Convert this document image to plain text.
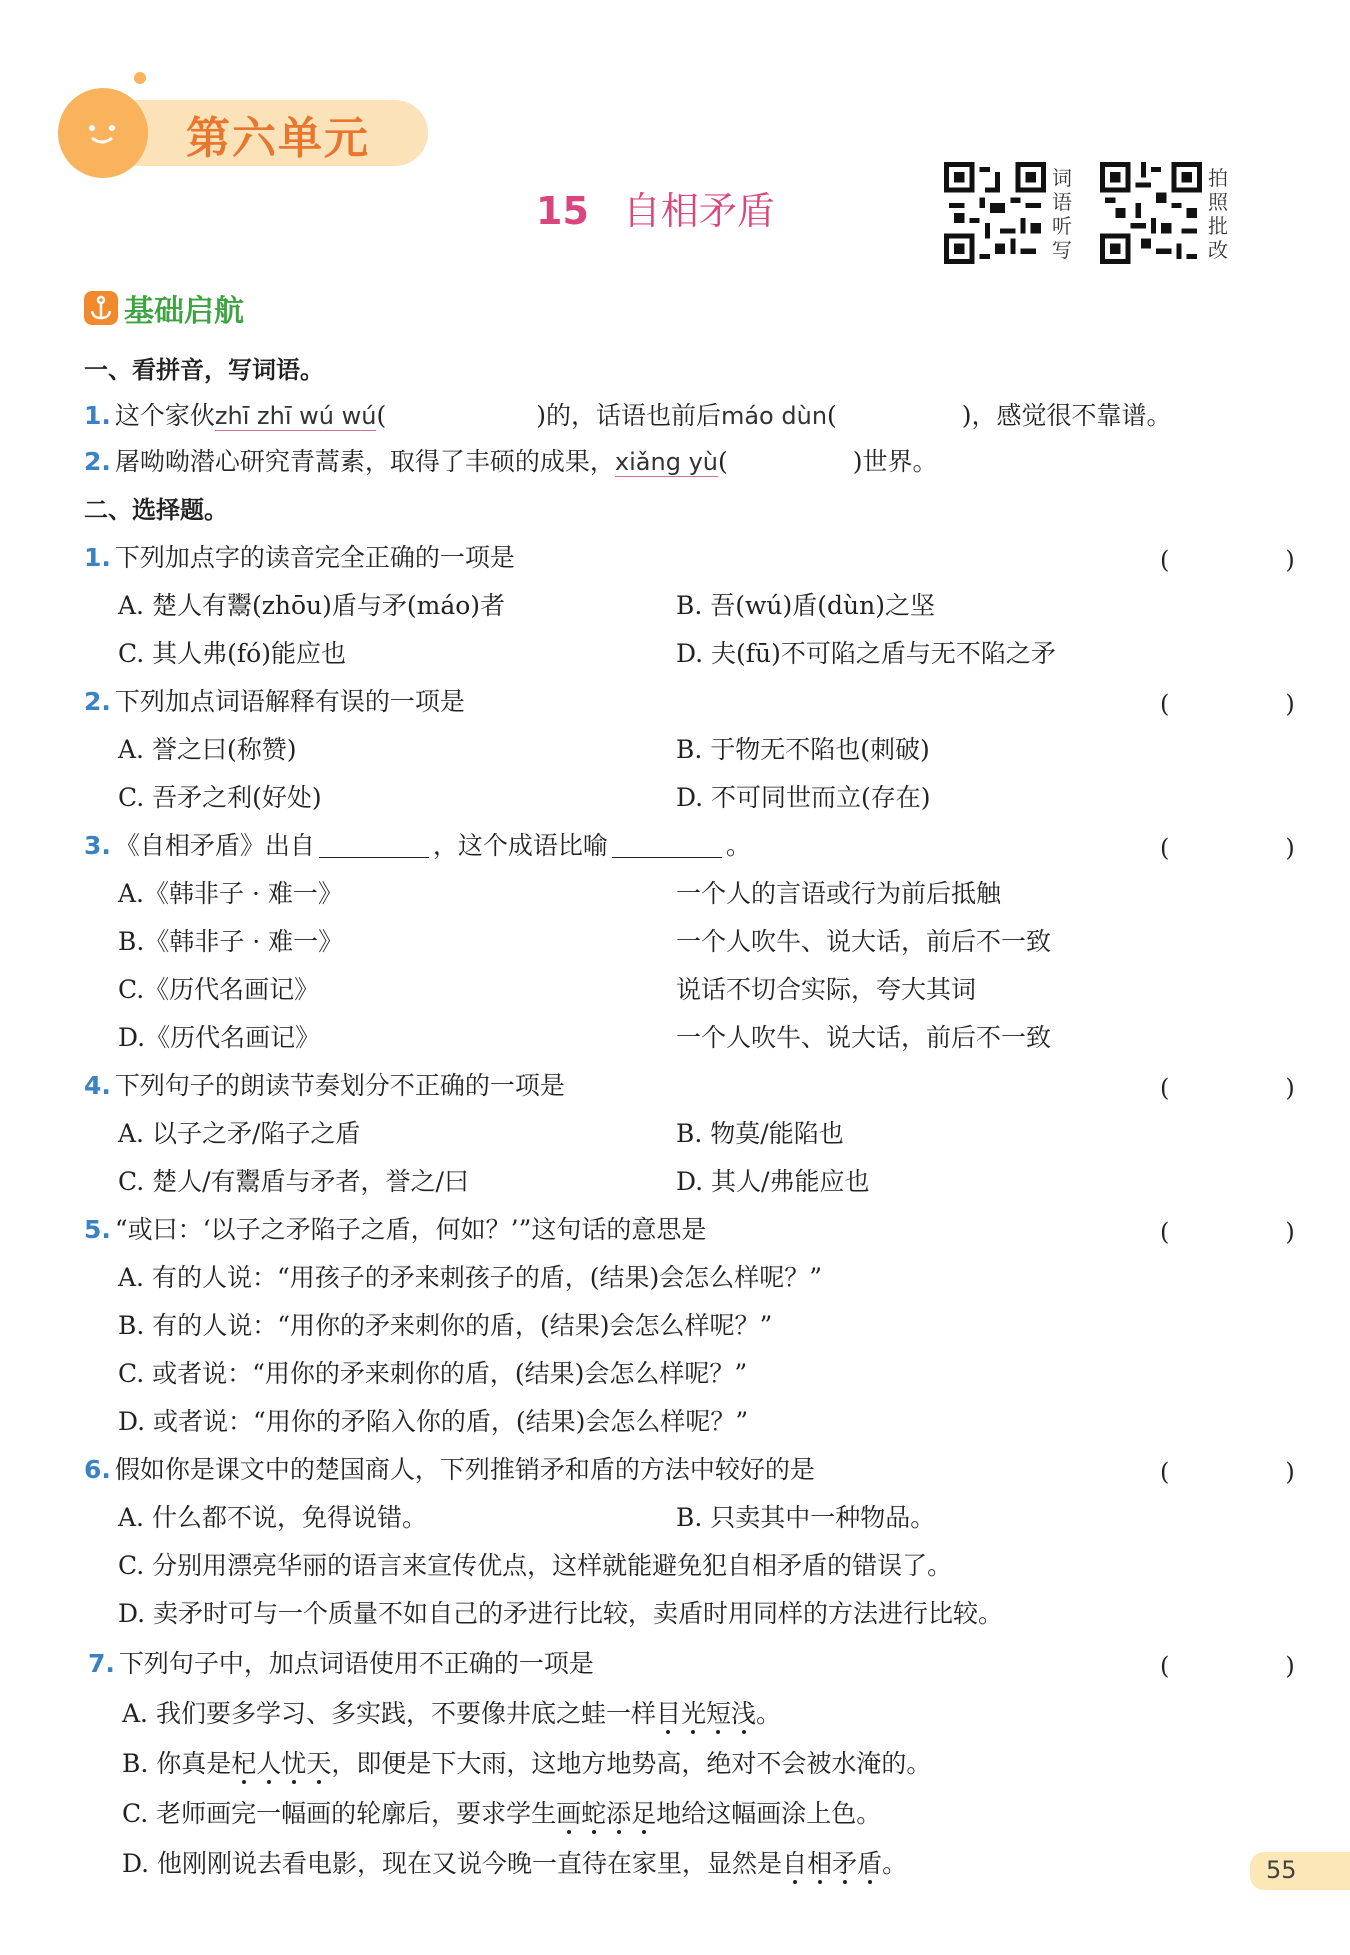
第六单元
15 自相矛盾
词语听写
拍照批改
基础启航
一、看拼音，写词语。
1. 这个家伙zhī zhī wú wú(　　　　　　)的，话语也前后máo dùn(　　　　　)，感觉很不靠谱。
2. 屠呦呦潜心研究青蒿素，取得了丰硕的成果，xiǎng yù(　　　　　)世界。
二、选择题。
1. 下列加点字的读音完全正确的一项是	(　)
A. 楚人有鬻(zhōu)盾与矛(máo)者	B. 吾(wú)盾(dùn)之坚
C. 其人弗(fó)能应也	D. 夫(fū)不可陷之盾与无不陷之矛
2. 下列加点词语解释有误的一项是	(　)
A. 誉之曰(称赞)	B. 于物无不陷也(刺破)
C. 吾矛之利(好处)	D. 不可同世而立(存在)
3. 《自相矛盾》出自	，这个成语比喻	。	(　)
A.《韩非子 · 难一》	一个人的言语或行为前后抵触
B.《韩非子 · 难一》	一个人吹牛、说大话，前后不一致
C.《历代名画记》	说话不切合实际，夸大其词
D.《历代名画记》	一个人吹牛、说大话，前后不一致
4. 下列句子的朗读节奏划分不正确的一项是	(　)
A. 以子之矛/陷子之盾	B. 物莫/能陷也
C. 楚人/有鬻盾与矛者，誉之/曰	D. 其人/弗能应也
5. “或曰：‘以子之矛陷子之盾，何如？’”这句话的意思是	(　)
A. 有的人说：“用孩子的矛来刺孩子的盾，(结果)会怎么样呢？”
B. 有的人说：“用你的矛来刺你的盾，(结果)会怎么样呢？”
C. 或者说：“用你的矛来刺你的盾，(结果)会怎么样呢？”
D. 或者说：“用你的矛陷入你的盾，(结果)会怎么样呢？”
6. 假如你是课文中的楚国商人，下列推销矛和盾的方法中较好的是	(　)
A. 什么都不说，免得说错。	B. 只卖其中一种物品。
C. 分别用漂亮华丽的语言来宣传优点，这样就能避免犯自相矛盾的错误了。
D. 卖矛时可与一个质量不如自己的矛进行比较，卖盾时用同样的方法进行比较。
7. 下列句子中，加点词语使用不正确的一项是	(　)
A. 我们要多学习、多实践，不要像井底之蛙一样目光短浅。
B. 你真是杞人忧天，即便是下大雨，这地方地势高，绝对不会被水淹的。
C. 老师画完一幅画的轮廓后，要求学生画蛇添足地给这幅画涂上色。
D. 他刚刚说去看电影，现在又说今晚一直待在家里，显然是自相矛盾。	55
